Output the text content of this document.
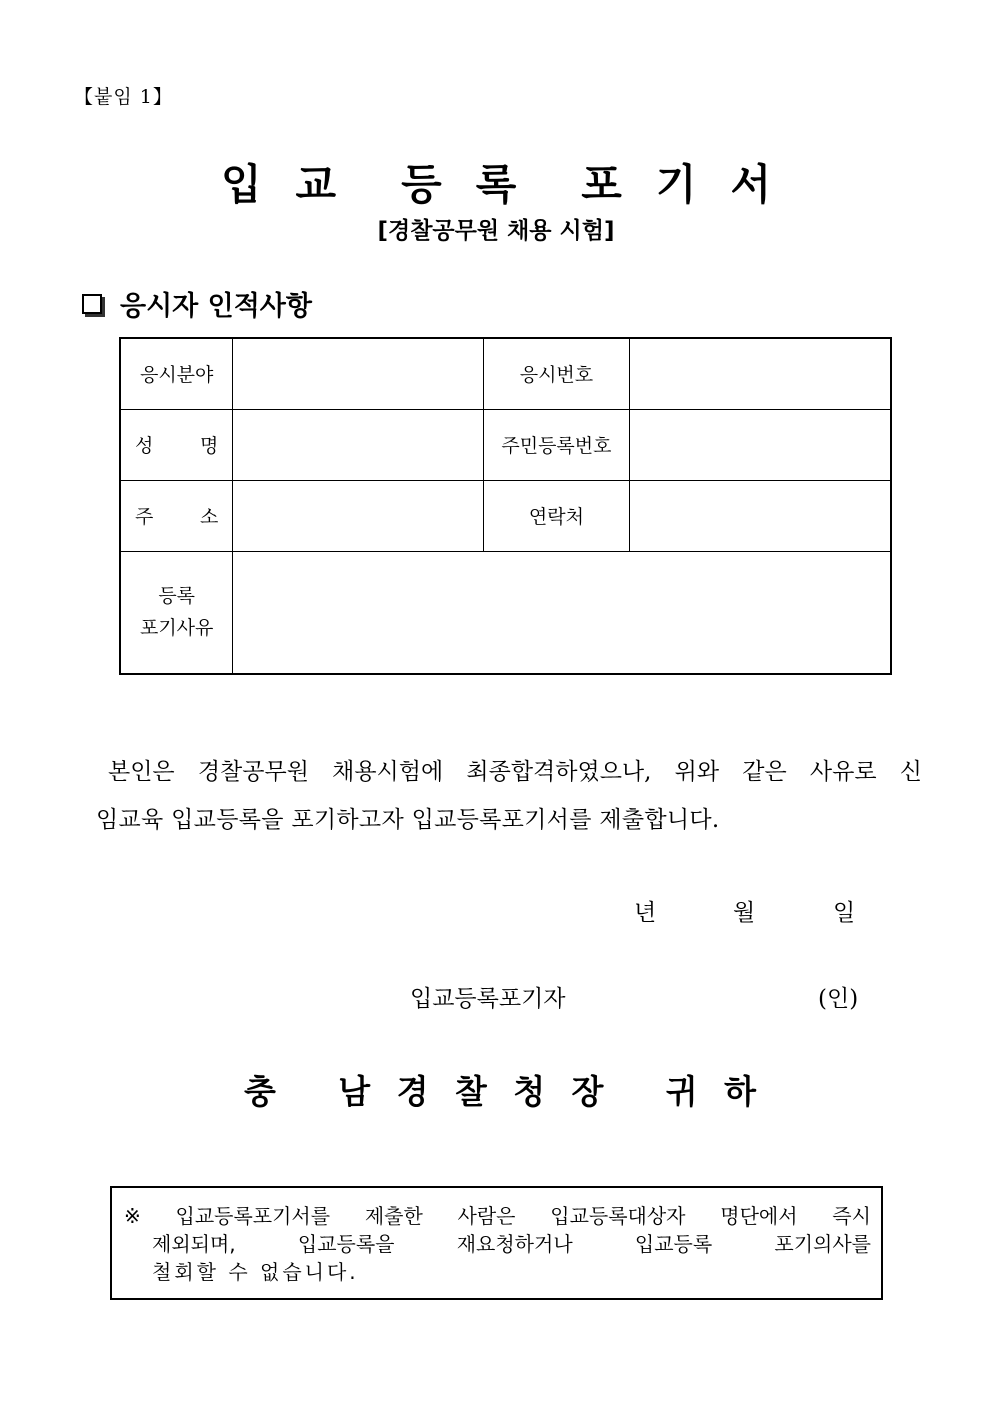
【붙임 1】
입 교 등 록 포 기 서
[경찰공무원 채용 시험]
응시자 인적사항
응시분야		응시번호	

성 명		주민등록번호	

주 소		연락처	

등록
포기사유			

본인은 경찰공무원 채용시험에 최종합격하였으나, 위와 같은 사유로 신
임교육 입교등록을 포기하고자 입교등록포기서를 제출합니다.
년	월	일
입교등록포기자	(인)
충 남 경 찰 청 장 귀 하
※ 입교등록포기서를 제출한 사람은 입교등록대상자 명단에서 즉시
제외되며,	입교등록을	재요청하거나	입교등록	포기의사를
철회할 수 없습니다.
